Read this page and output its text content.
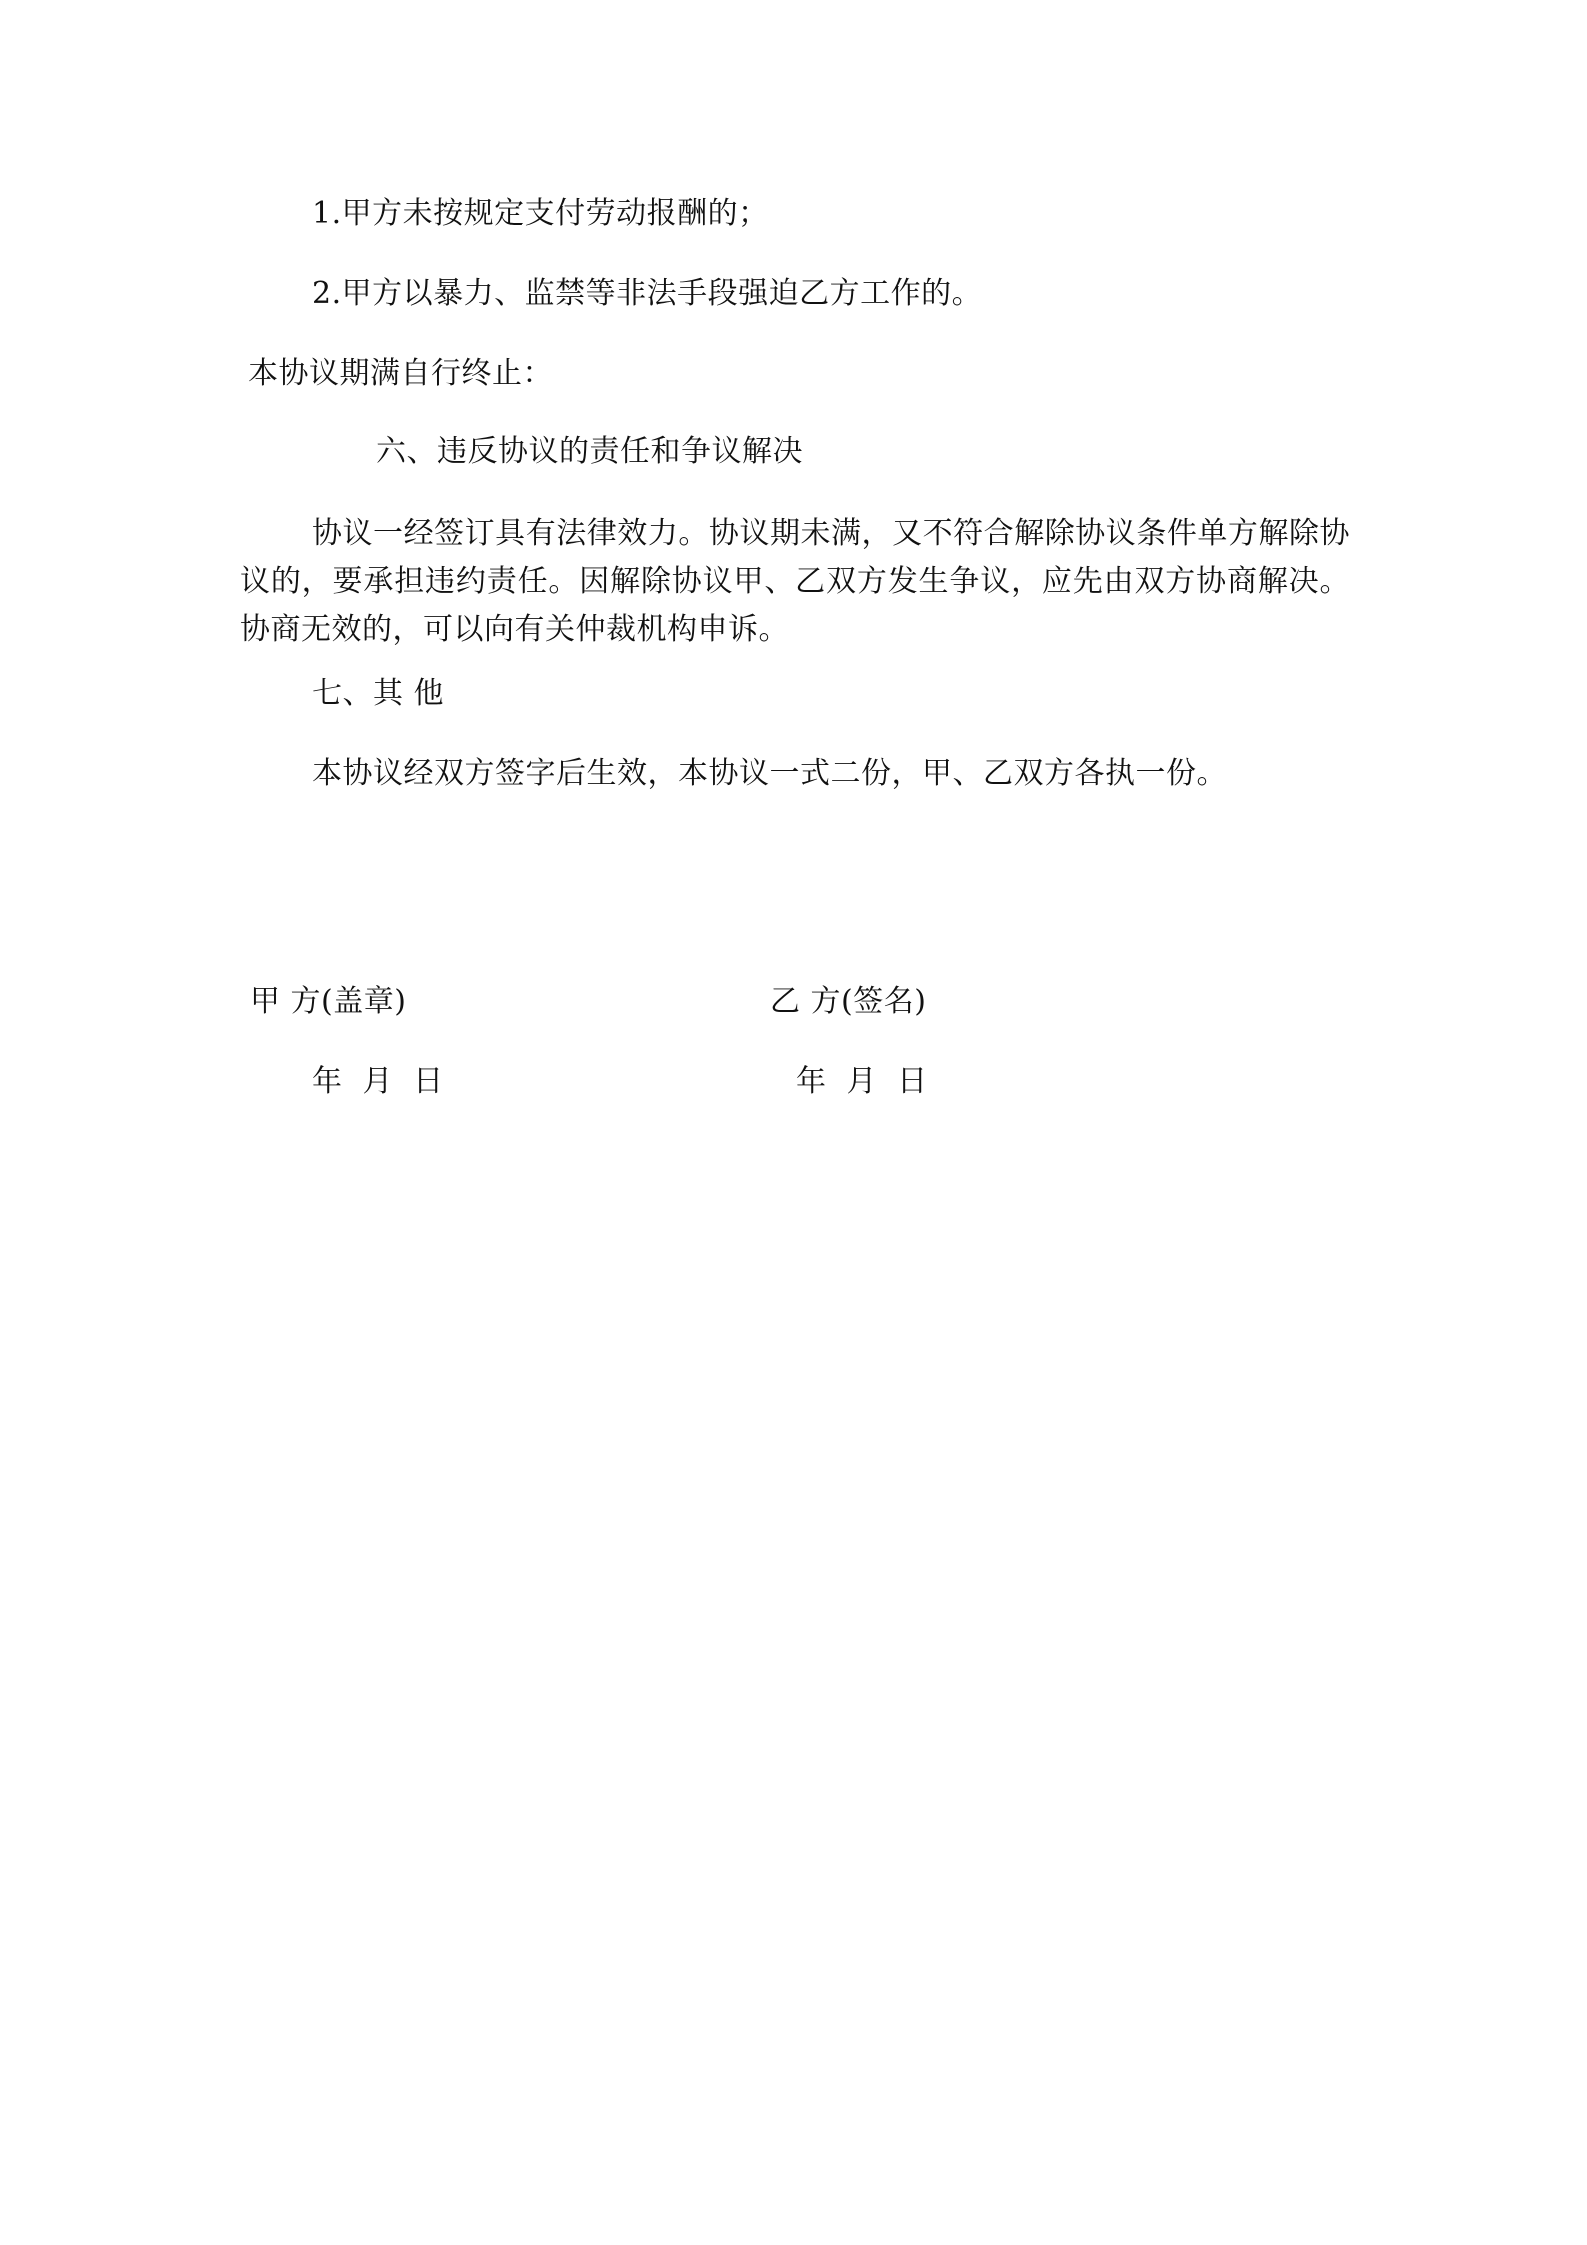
1.甲方未按规定支付劳动报酬的；
2.甲方以暴力、监禁等非法手段强迫乙方工作的。
本协议期满自行终止：
六、违反协议的责任和争议解决
协议一经签订具有法律效力。协议期未满，又不符合解除协议条件单方解除协议的，要承担违约责任。因解除协议甲、乙双方发生争议，应先由双方协商解决。协商无效的，可以向有关仲裁机构申诉。
七、其 他
本协议经双方签字后生效，本协议一式二份，甲、乙双方各执一份。
甲 方(盖章)	乙 方(签名)
年 月 日	年 月 日
